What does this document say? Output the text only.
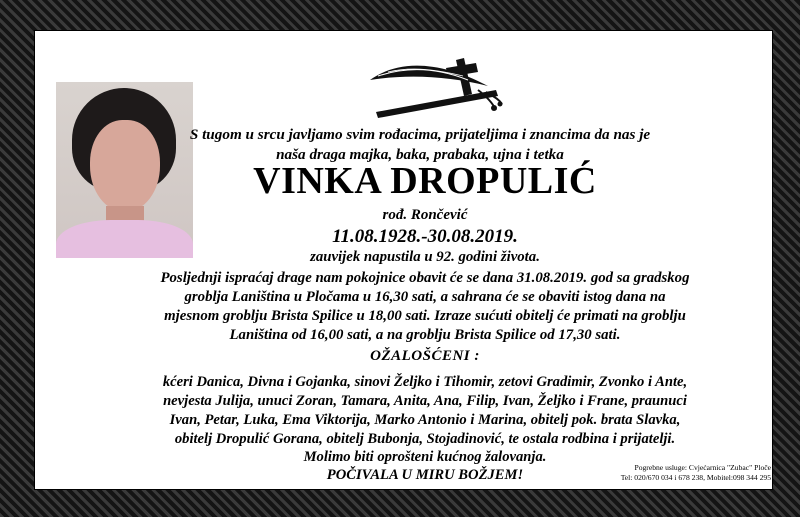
S tugom u srcu javljamo svim rođacima, prijateljima i znancima da nas je
naša draga majka, baka, prabaka, ujna i tetka
VINKA DROPULIĆ
rođ. Rončević
11.08.1928.-30.08.2019.
zauvijek napustila u 92. godini života.
Posljednji ispraćaj drage nam pokojnice obavit će se dana 31.08.2019. god sa gradskog
groblja Laniština u Pločama u 16,30 sati, a sahrana će se obaviti istog dana na
mjesnom groblju Brista Spilice u 18,00 sati. Izraze sućuti obitelj će primati na groblju
Laniština od 16,00 sati, a na groblju Brista Spilice od 17,30 sati.
OŽALOŠĆENI :
kćeri Danica, Divna i Gojanka, sinovi Željko i Tihomir, zetovi Gradimir, Zvonko i Ante,
nevjesta Julija, unuci Zoran, Tamara, Anita, Ana, Filip, Ivan, Željko i Frane, praunuci
Ivan, Petar, Luka, Ema Viktorija, Marko Antonio i Marina, obitelj pok. brata Slavka,
obitelj Dropulić Gorana, obitelj Bubonja, Stojadinović, te ostala rodbina i prijatelji.
Molimo biti oprošteni kućnog žalovanja.
POČIVALA U MIRU BOŽJEM!	Pogrebne usluge: Cvjećarnica "Zubac" Ploče
Tel: 020/670 034 i 678 238, Mobitel:098 344 295
